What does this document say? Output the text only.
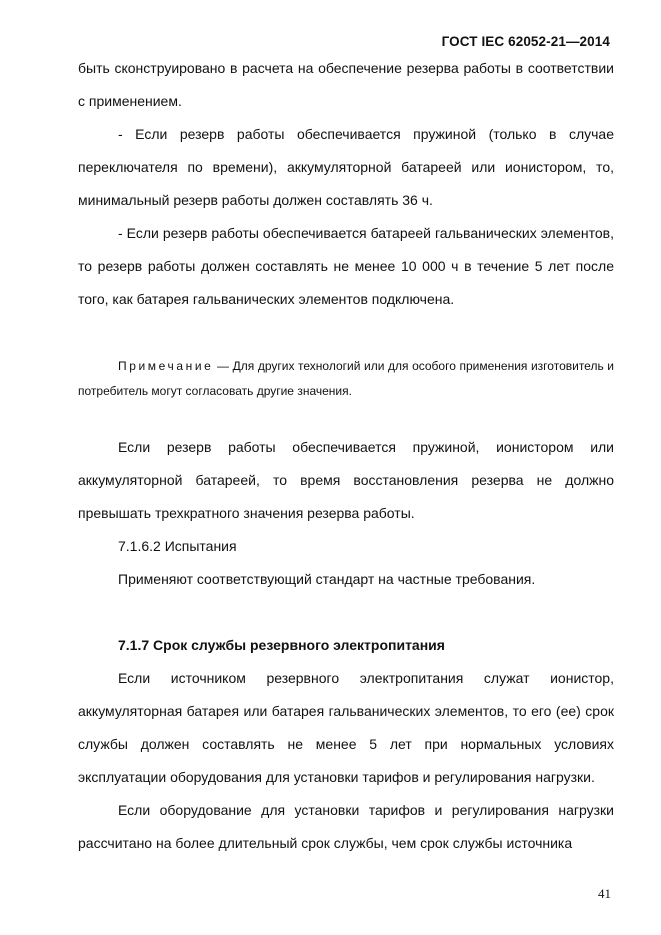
ГОСТ IEC 62052-21—2014

быть сконструировано в расчета на обеспечение резерва работы в соответствии с применением.

- Если резерв работы обеспечивается пружиной (только в случае переключателя по времени), аккумуляторной батареей или ионистором, то, минимальный резерв работы должен составлять 36 ч.

- Если резерв работы обеспечивается батареей гальванических элементов, то резерв работы должен составлять не менее 10 000 ч в течение 5 лет после того, как батарея гальванических элементов подключена.

Примечание — Для других технологий или для особого применения изготовитель и потребитель могут согласовать другие значения.

Если резерв работы обеспечивается пружиной, ионистором или аккумуляторной батареей, то время восстановления резерва не должно превышать трехкратного значения резерва работы.

7.1.6.2 Испытания

Применяют соответствующий стандарт на частные требования.

7.1.7 Срок службы резервного электропитания

Если источником резервного электропитания служат ионистор, аккумуляторная батарея или батарея гальванических элементов, то его (ее) срок службы должен составлять не менее 5 лет при нормальных условиях эксплуатации оборудования для установки тарифов и регулирования нагрузки.

Если оборудование для установки тарифов и регулирования нагрузки рассчитано на более длительный срок службы, чем срок службы источника

41
